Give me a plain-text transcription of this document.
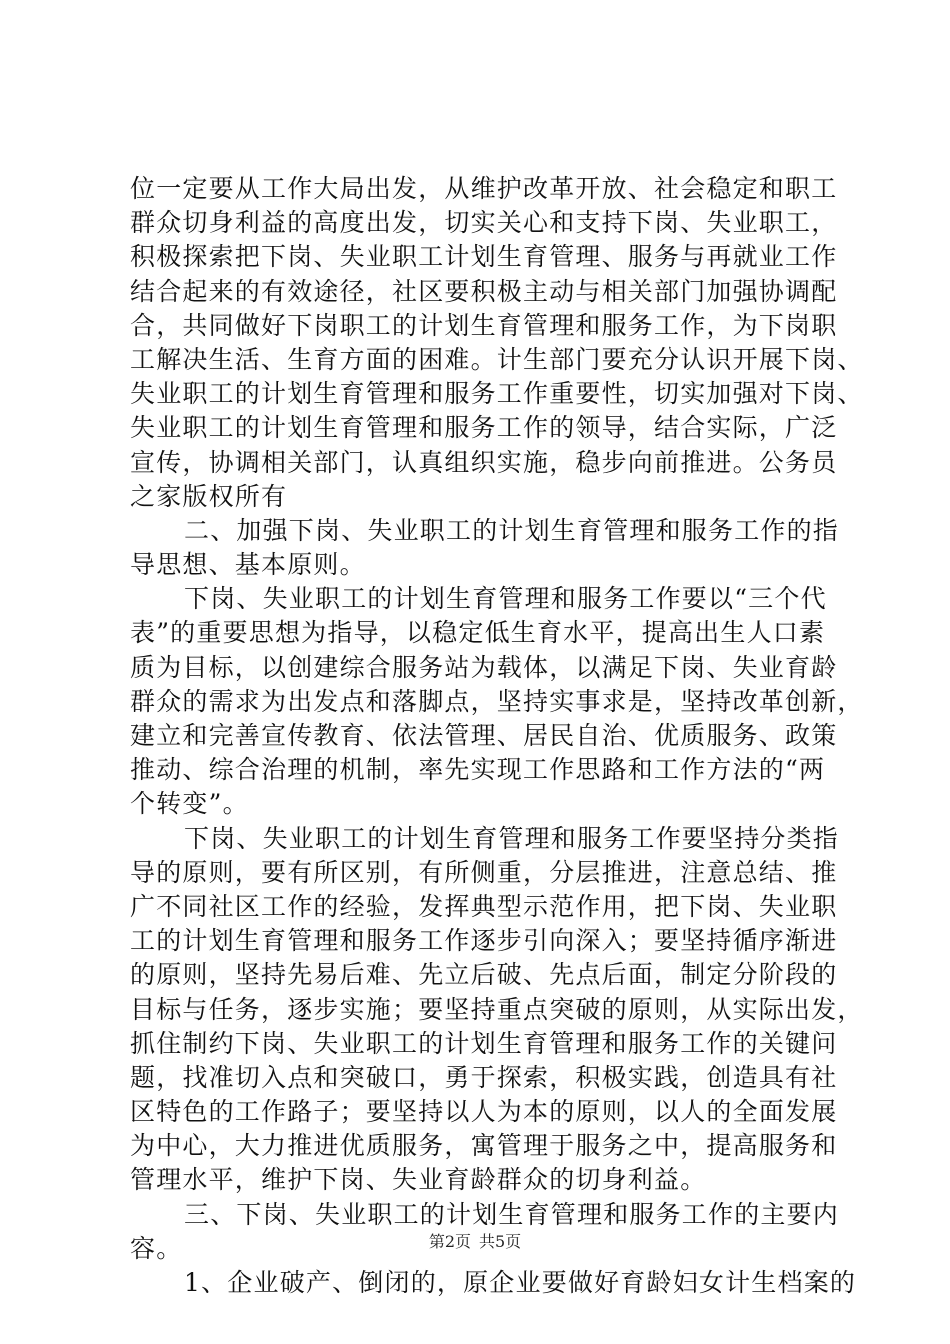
位一定要从工作大局出发，从维护改革开放、社会稳定和职工
群众切身利益的高度出发，切实关心和支持下岗、失业职工，
积极探索把下岗、失业职工计划生育管理、服务与再就业工作
结合起来的有效途径，社区要积极主动与相关部门加强协调配
合，共同做好下岗职工的计划生育管理和服务工作，为下岗职
工解决生活、生育方面的困难。计生部门要充分认识开展下岗、
失业职工的计划生育管理和服务工作重要性，切实加强对下岗、
失业职工的计划生育管理和服务工作的领导，结合实际，广泛
宣传，协调相关部门，认真组织实施，稳步向前推进。公务员
之家版权所有
二、加强下岗、失业职工的计划生育管理和服务工作的指
导思想、基本原则。
下岗、失业职工的计划生育管理和服务工作要以“三个代
表”的重要思想为指导，以稳定低生育水平，提高出生人口素
质为目标，以创建综合服务站为载体，以满足下岗、失业育龄
群众的需求为出发点和落脚点，坚持实事求是，坚持改革创新，
建立和完善宣传教育、依法管理、居民自治、优质服务、政策
推动、综合治理的机制，率先实现工作思路和工作方法的“两
个转变”。
下岗、失业职工的计划生育管理和服务工作要坚持分类指
导的原则，要有所区别，有所侧重，分层推进，注意总结、推
广不同社区工作的经验，发挥典型示范作用，把下岗、失业职
工的计划生育管理和服务工作逐步引向深入；要坚持循序渐进
的原则，坚持先易后难、先立后破、先点后面，制定分阶段的
目标与任务，逐步实施；要坚持重点突破的原则，从实际出发，
抓住制约下岗、失业职工的计划生育管理和服务工作的关键问
题，找准切入点和突破口，勇于探索，积极实践，创造具有社
区特色的工作路子；要坚持以人为本的原则，以人的全面发展
为中心，大力推进优质服务，寓管理于服务之中，提高服务和
管理水平，维护下岗、失业育龄群众的切身利益。
三、下岗、失业职工的计划生育管理和服务工作的主要内
容。
1、企业破产、倒闭的，原企业要做好育龄妇女计生档案的
第2页 共5页
